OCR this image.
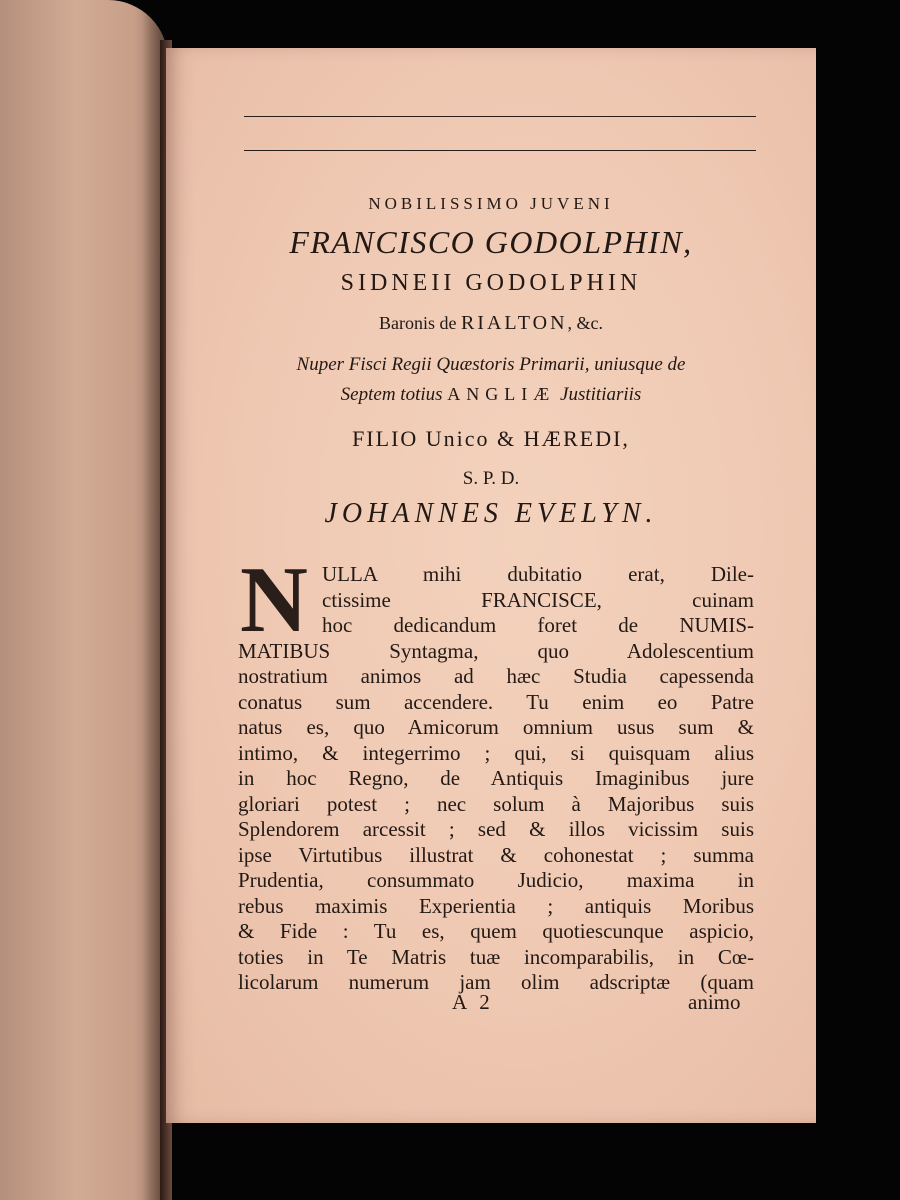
NOBILISSIMO JUVENI
FRANCISCO GODOLPHIN,
SIDNEII GODOLPHIN
Baronis de RIALTON, &c.
Nuper Fisci Regii Quæstoris Primarii, uniusque de
Septem totius ANGLIÆ Justitiariis
FILIO Unico & HÆREDI,
S. P. D.
JOHANNES EVELYN.
N ULLA mihi dubitatio erat, Dile-
ctissime FRANCISCE, cuinam
hoc dedicandum foret de NUMIS-
MATIBUS Syntagma, quo Adolescentium
nostratium animos ad hæc Studia capessenda
conatus sum accendere. Tu enim eo Patre
natus es, quo Amicorum omnium usus sum &
intimo, & integerrimo ; qui, si quisquam alius
in hoc Regno, de Antiquis Imaginibus jure
gloriari potest ; nec solum à Majoribus suis
Splendorem arcessit ; sed & illos vicissim suis
ipse Virtutibus illustrat & cohonestat ; summa
Prudentia, consummato Judicio, maxima in
rebus maximis Experientia ; antiquis Moribus
& Fide : Tu es, quem quotiescunque aspicio,
toties in Te Matris tuæ incomparabilis, in Cœ-
licolarum numerum jam olim adscriptæ (quam
A 2	animo
